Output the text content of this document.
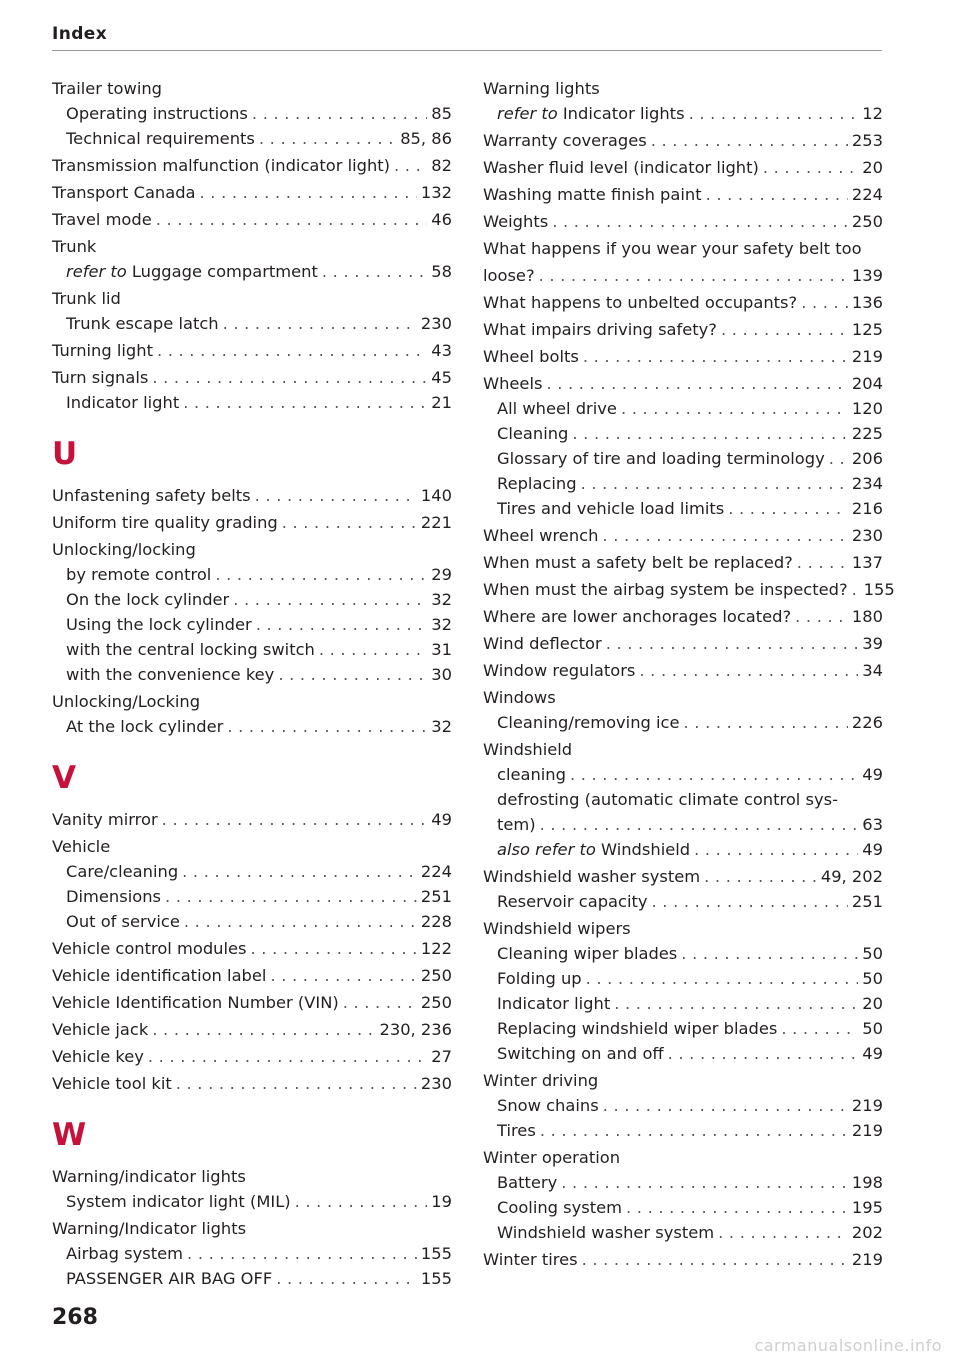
Index
Trailer towing
Operating instructions .....	85
Technical requirements .....	85, 86
Transmission malfunction (indicator light) .....	82
Transport Canada .....	132
Travel mode .....	46
Trunk
refer to Luggage compartment .....	58
Trunk lid
Trunk escape latch .....	230
Turning light .....	43
Turn signals .....	45
Indicator light .....	21
U
Unfastening safety belts .....	140
Uniform tire quality grading .....	221
Unlocking/locking
by remote control .....	29
On the lock cylinder .....	32
Using the lock cylinder .....	32
with the central locking switch .....	31
with the convenience key .....	30
Unlocking/Locking
At the lock cylinder .....	32
V
Vanity mirror .....	49
Vehicle
Care/cleaning .....	224
Dimensions .....	251
Out of service .....	228
Vehicle control modules .....	122
Vehicle identification label .....	250
Vehicle Identification Number (VIN) .....	250
Vehicle jack .....	230, 236
Vehicle key .....	27
Vehicle tool kit .....	230
W
Warning/indicator lights
System indicator light (MIL) .....	19
Warning/Indicator lights
Airbag system .....	155
PASSENGER AIR BAG OFF .....	155
Warning lights
refer to Indicator lights .....	12
Warranty coverages .....	253
Washer fluid level (indicator light) .....	20
Washing matte finish paint .....	224
Weights .....	250
What happens if you wear your safety belt too
loose? .....	139
What happens to unbelted occupants? .....	136
What impairs driving safety? .....	125
Wheel bolts .....	219
Wheels .....	204
All wheel drive .....	120
Cleaning .....	225
Glossary of tire and loading terminology ..... 206
Replacing .....	234
Tires and vehicle load limits .....	216
Wheel wrench .....	230
When must a safety belt be replaced? .....	137
When must the airbag system be inspected? ..... 155
Where are lower anchorages located? .....	180
Wind deflector .....	39
Window regulators .....	34
Windows
Cleaning/removing ice .....	226
Windshield
cleaning .....	49
defrosting (automatic climate control sys-
tem) .....	63
also refer to Windshield .....	49
Windshield washer system .....	49, 202
Reservoir capacity .....	251
Windshield wipers
Cleaning wiper blades .....	50
Folding up .....	50
Indicator light .....	20
Replacing windshield wiper blades .....	50
Switching on and off .....	49
Winter driving
Snow chains .....	219
Tires .....	219
Winter operation
Battery .....	198
Cooling system .....	195
Windshield washer system .....	202
Winter tires .....	219
268
carmanualsonline.info
